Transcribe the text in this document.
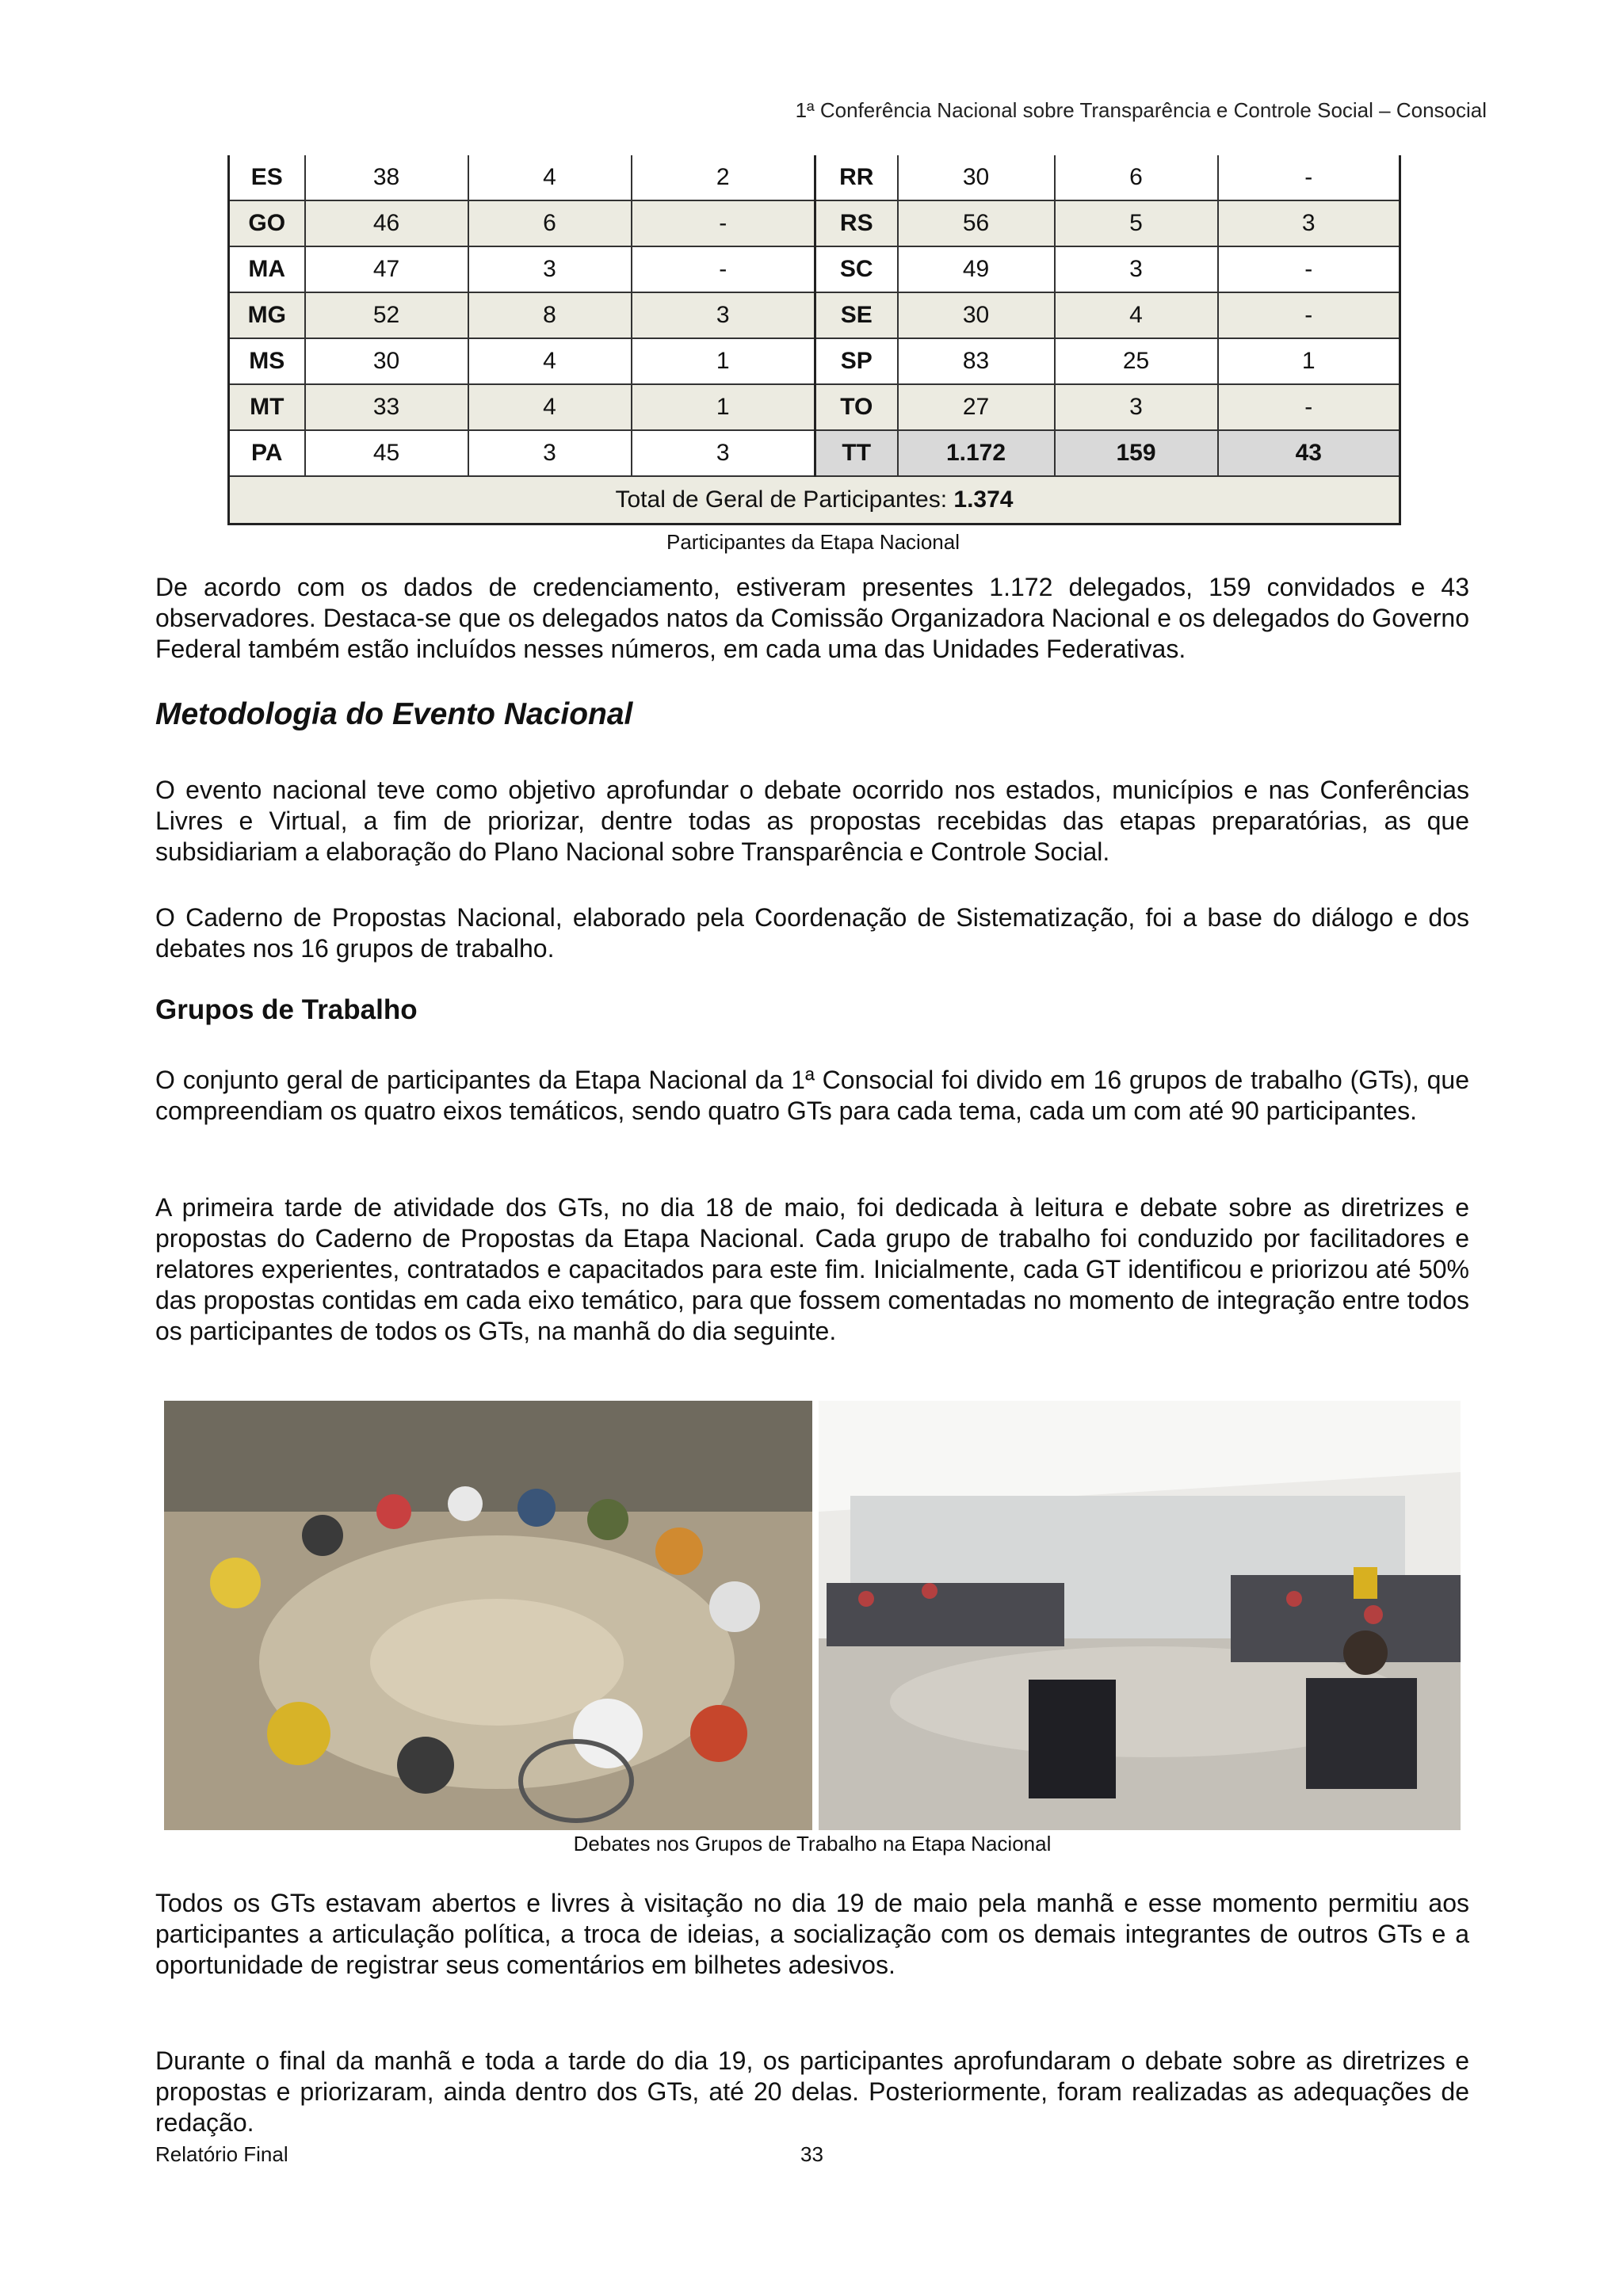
1ª Conferência Nacional sobre Transparência e Controle Social – Consocial
ES	38	4	2	RR	30	6	-
GO	46	6	-	RS	56	5	3
MA	47	3	-	SC	49	3	-
MG	52	8	3	SE	30	4	-
MS	30	4	1	SP	83	25	1
MT	33	4	1	TO	27	3	-
PA	45	3	3	TT	1.172	159	43
Total de Geral de Participantes: 1.374							
Participantes da Etapa Nacional

De acordo com os dados de credenciamento, estiveram presentes 1.172 delegados, 159 convidados e 43 observadores. Destaca-se que os delegados natos da Comissão Organizadora Nacional e os delegados do Governo Federal também estão incluídos nesses números, em cada uma das Unidades Federativas.

Metodologia do Evento Nacional

O evento nacional teve como objetivo aprofundar o debate ocorrido nos estados, municípios e nas Conferências Livres e Virtual, a fim de priorizar, dentre todas as propostas recebidas das etapas preparatórias, as que subsidiariam a elaboração do Plano Nacional sobre Transparência e Controle Social.

O Caderno de Propostas Nacional, elaborado pela Coordenação de Sistematização, foi a base do diálogo e dos debates nos 16 grupos de trabalho.

Grupos de Trabalho

O conjunto geral de participantes da Etapa Nacional da 1ª Consocial foi divido em 16 grupos de trabalho (GTs), que compreendiam os quatro eixos temáticos, sendo quatro GTs para cada tema, cada um com até 90 participantes.

A primeira tarde de atividade dos GTs, no dia 18 de maio, foi dedicada à leitura e debate sobre as diretrizes e propostas do Caderno de Propostas da Etapa Nacional. Cada grupo de trabalho foi conduzido por facilitadores e relatores experientes, contratados e capacitados para este fim. Inicialmente, cada GT identificou e priorizou até 50% das propostas contidas em cada eixo temático, para que fossem comentadas no momento de integração entre todos os participantes de todos os GTs, na manhã do dia seguinte.

Debates nos Grupos de Trabalho na Etapa Nacional

Todos os GTs estavam abertos e livres à visitação no dia 19 de maio pela manhã e esse momento permitiu aos participantes a articulação política, a troca de ideias, a socialização com os demais integrantes de outros GTs e a oportunidade de registrar seus comentários em bilhetes adesivos.

Durante o final da manhã e toda a tarde do dia 19, os participantes aprofundaram o debate sobre as diretrizes e propostas e priorizaram, ainda dentro dos GTs, até 20 delas. Posteriormente, foram realizadas as adequações de redação.

Relatório Final	33
